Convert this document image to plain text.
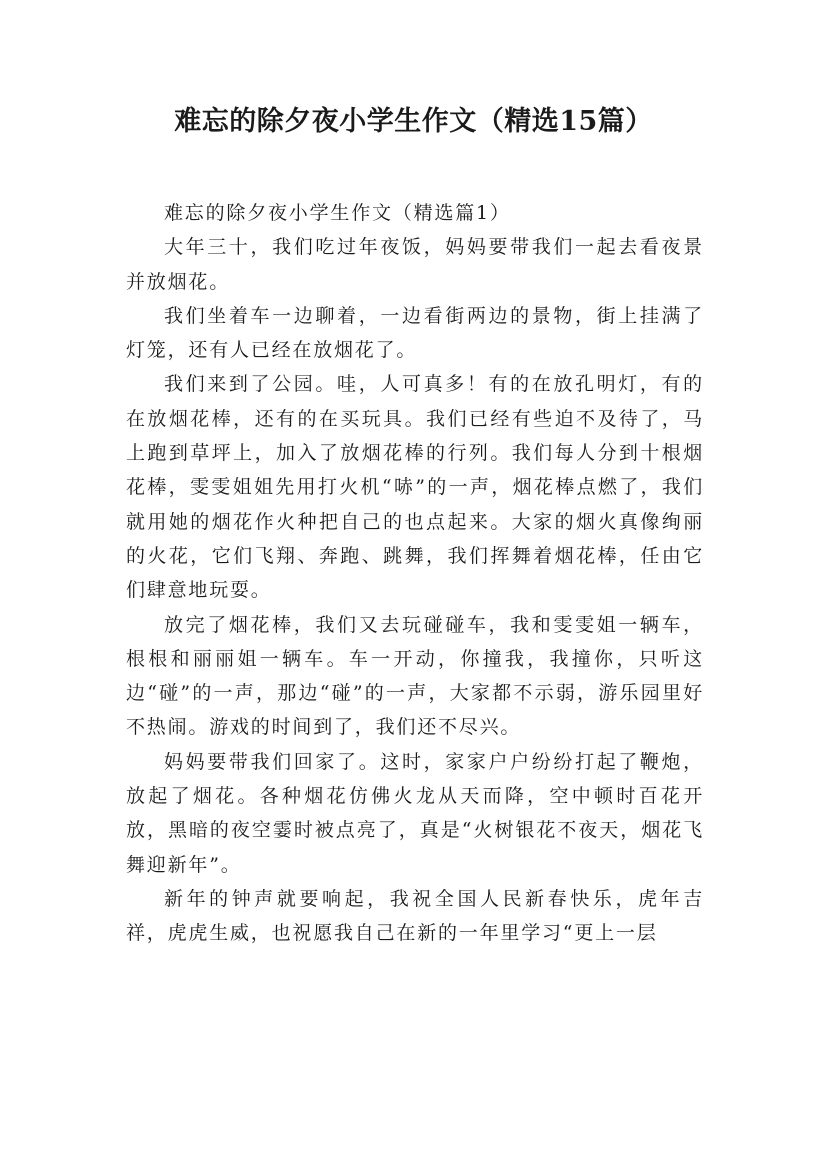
难忘的除夕夜小学生作文（精选15篇）

难忘的除夕夜小学生作文（精选篇1）

大年三十，我们吃过年夜饭，妈妈要带我们一起去看夜景并放烟花。

我们坐着车一边聊着，一边看街两边的景物，街上挂满了灯笼，还有人已经在放烟花了。

我们来到了公园。哇，人可真多！有的在放孔明灯，有的在放烟花棒，还有的在买玩具。我们已经有些迫不及待了，马上跑到草坪上，加入了放烟花棒的行列。我们每人分到十根烟花棒，雯雯姐姐先用打火机“哧”的一声，烟花棒点燃了，我们就用她的烟花作火种把自己的也点起来。大家的烟火真像绚丽的火花，它们飞翔、奔跑、跳舞，我们挥舞着烟花棒，任由它们肆意地玩耍。

放完了烟花棒，我们又去玩碰碰车，我和雯雯姐一辆车，根根和丽丽姐一辆车。车一开动，你撞我，我撞你，只听这边“碰”的一声，那边“碰”的一声，大家都不示弱，游乐园里好不热闹。游戏的时间到了，我们还不尽兴。

妈妈要带我们回家了。这时，家家户户纷纷打起了鞭炮，放起了烟花。各种烟花仿佛火龙从天而降，空中顿时百花开放，黑暗的夜空霎时被点亮了，真是“火树银花不夜天，烟花飞舞迎新年”。

新年的钟声就要响起，我祝全国人民新春快乐，虎年吉祥，虎虎生威，也祝愿我自己在新的一年里学习“更上一层
